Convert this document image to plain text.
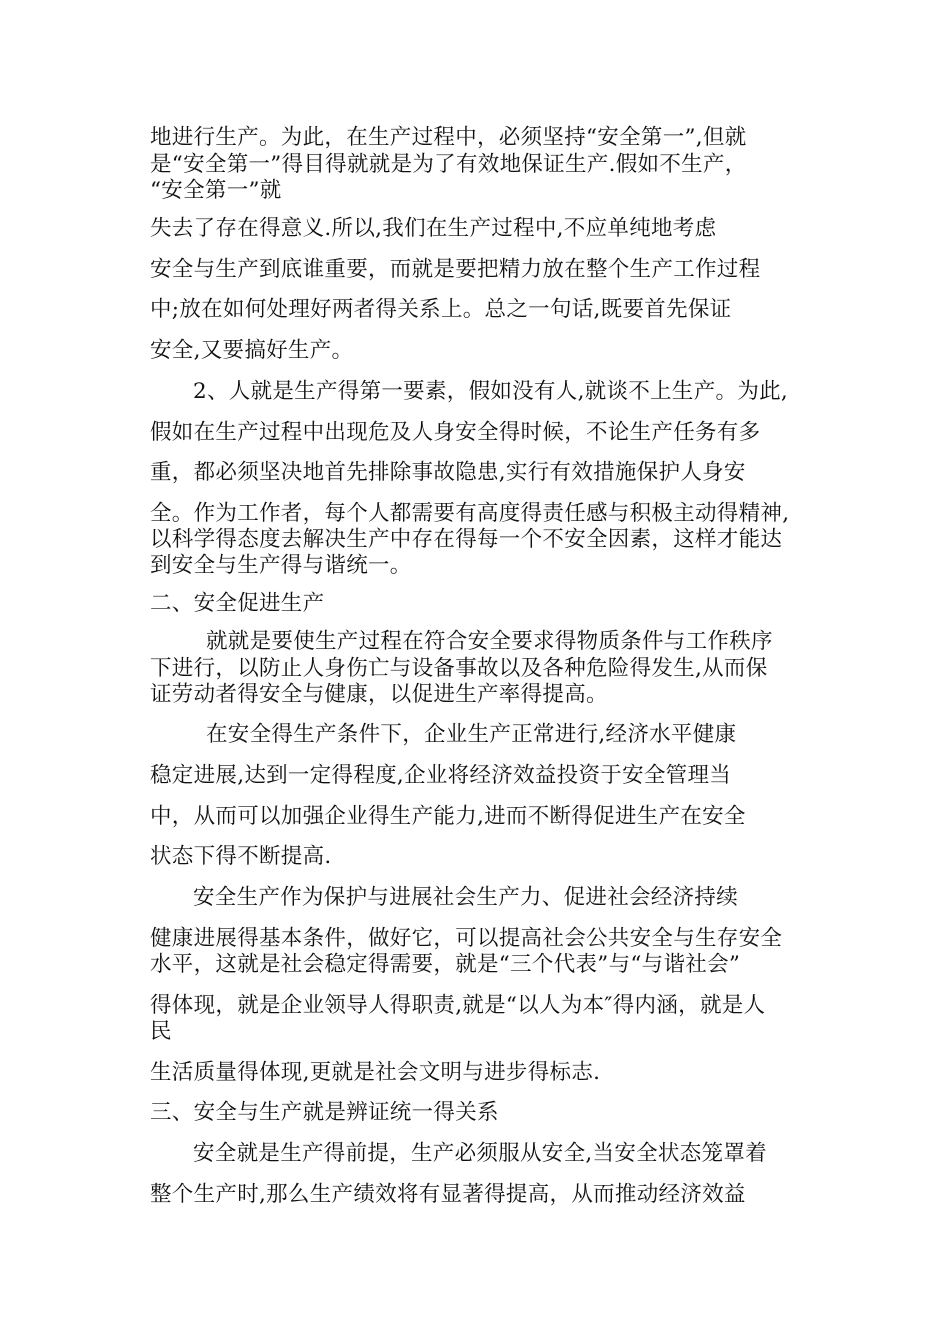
地进行生产。为此，在生产过程中，必须坚持“安全第一”,但就
是“安全第一”得目得就就是为了有效地保证生产.假如不生产，
“安全第一”就
失去了存在得意义.所以,我们在生产过程中,不应单纯地考虑
安全与生产到底谁重要，而就是要把精力放在整个生产工作过程
中;放在如何处理好两者得关系上。总之一句话,既要首先保证
安全,又要搞好生产。
2、人就是生产得第一要素，假如没有人,就谈不上生产。为此,
假如在生产过程中出现危及人身安全得时候，不论生产任务有多
重，都必须坚决地首先排除事故隐患,实行有效措施保护人身安
全。作为工作者，每个人都需要有高度得责任感与积极主动得精神,
以科学得态度去解决生产中存在得每一个不安全因素，这样才能达
到安全与生产得与谐统一。
二、安全促进生产
就就是要使生产过程在符合安全要求得物质条件与工作秩序
下进行，以防止人身伤亡与设备事故以及各种危险得发生,从而保
证劳动者得安全与健康，以促进生产率得提高。
在安全得生产条件下，企业生产正常进行,经济水平健康
稳定进展,达到一定得程度,企业将经济效益投资于安全管理当
中，从而可以加强企业得生产能力,进而不断得促进生产在安全
状态下得不断提高.
安全生产作为保护与进展社会生产力、促进社会经济持续
健康进展得基本条件，做好它，可以提高社会公共安全与生存安全
水平，这就是社会稳定得需要，就是“三个代表”与“与谐社会”
得体现，就是企业领导人得职责,就是“以人为本″得内涵，就是人
民
生活质量得体现,更就是社会文明与进步得标志.
三、安全与生产就是辨证统一得关系
安全就是生产得前提，生产必须服从安全,当安全状态笼罩着
整个生产时,那么生产绩效将有显著得提高，从而推动经济效益
